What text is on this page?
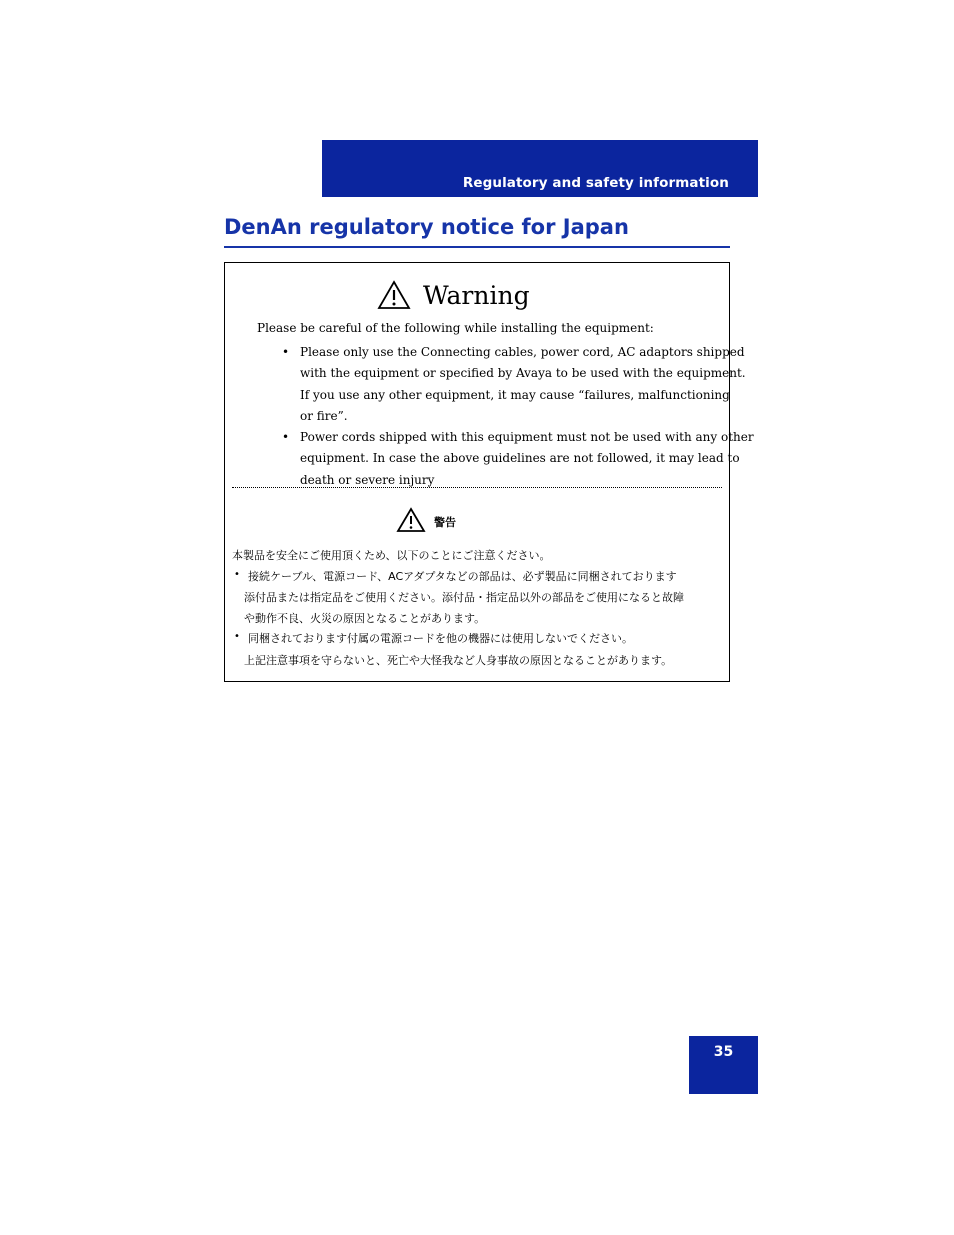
Regulatory and safety information
DenAn regulatory notice for Japan
Warning
Please be careful of the following while installing the equipment:
• Please only use the Connecting cables, power cord, AC adaptors shipped
with the equipment or specified by Avaya to be used with the equipment.
If you use any other equipment, it may cause “failures, malfunctioning
or fire”.
• Power cords shipped with this equipment must not be used with any other
equipment. In case the above guidelines are not followed, it may lead to
death or severe injury
警告
本製品を安全にご使用頂くため、以下のことにご注意ください。
• 接続ケーブル、電源コード、ACアダプタなどの部品は、必ず製品に同梱されております
添付品または指定品をご使用ください。添付品・指定品以外の部品をご使用になると故障
や動作不良、火災の原因となることがあります。
• 同梱されております付属の電源コードを他の機器には使用しないでください。
上記注意事項を守らないと、死亡や大怪我など人身事故の原因となることがあります。
35
